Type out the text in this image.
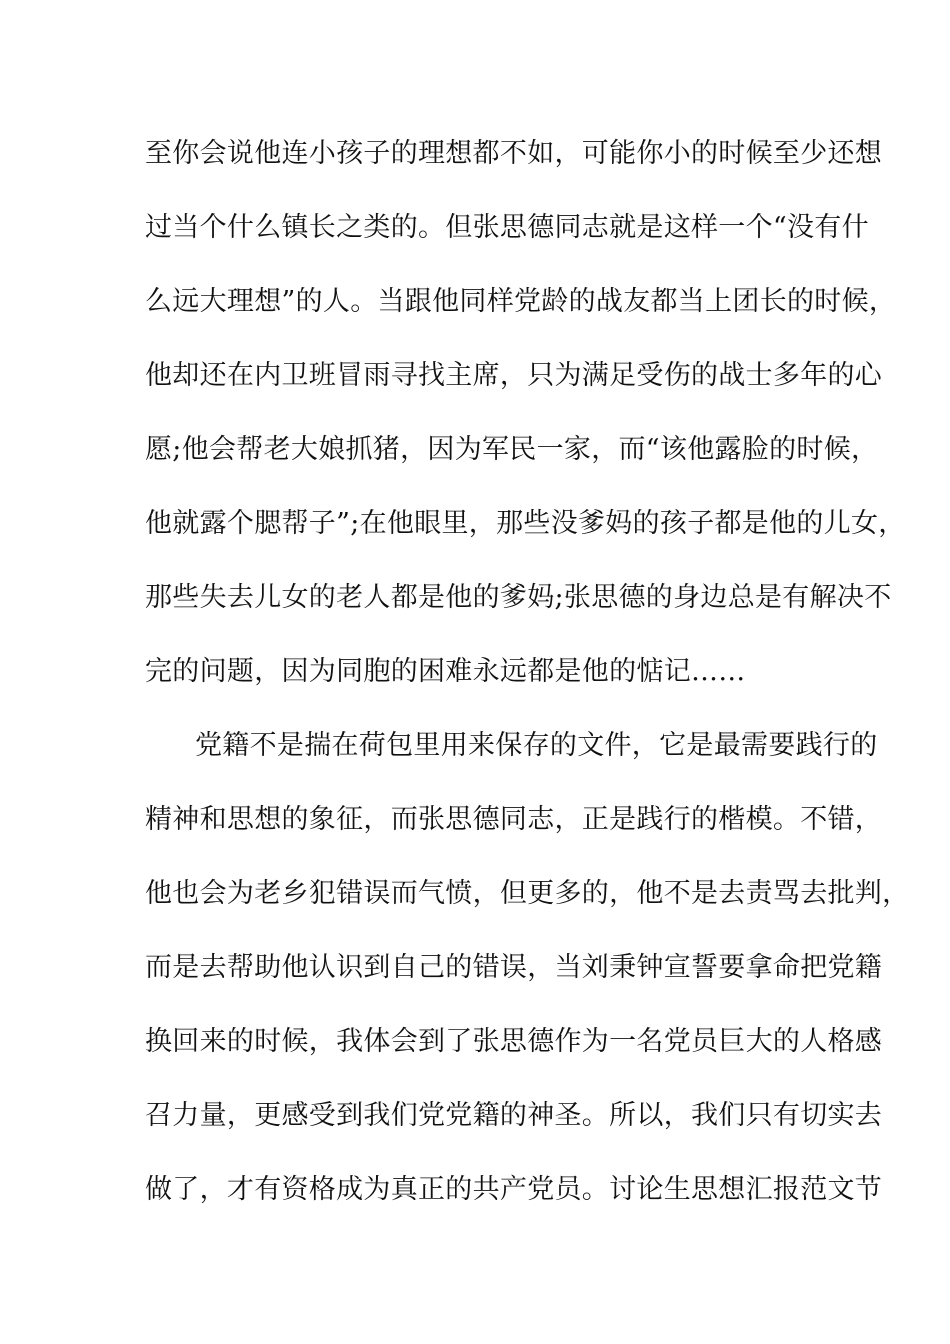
至你会说他连小孩子的理想都不如，可能你小的时候至少还想
过当个什么镇长之类的。但张思德同志就是这样一个“没有什
么远大理想”的人。当跟他同样党龄的战友都当上团长的时候，
他却还在内卫班冒雨寻找主席，只为满足受伤的战士多年的心
愿;他会帮老大娘抓猪，因为军民一家，而“该他露脸的时候，
他就露个腮帮子”;在他眼里，那些没爹妈的孩子都是他的儿女，
那些失去儿女的老人都是他的爹妈;张思德的身边总是有解决不
完的问题，因为同胞的困难永远都是他的惦记……
党籍不是揣在荷包里用来保存的文件，它是最需要践行的
精神和思想的象征，而张思德同志，正是践行的楷模。不错，
他也会为老乡犯错误而气愤，但更多的，他不是去责骂去批判，
而是去帮助他认识到自己的错误，当刘秉钟宣誓要拿命把党籍
换回来的时候，我体会到了张思德作为一名党员巨大的人格感
召力量，更感受到我们党党籍的神圣。所以，我们只有切实去
做了，才有资格成为真正的共产党员。讨论生思想汇报范文节
